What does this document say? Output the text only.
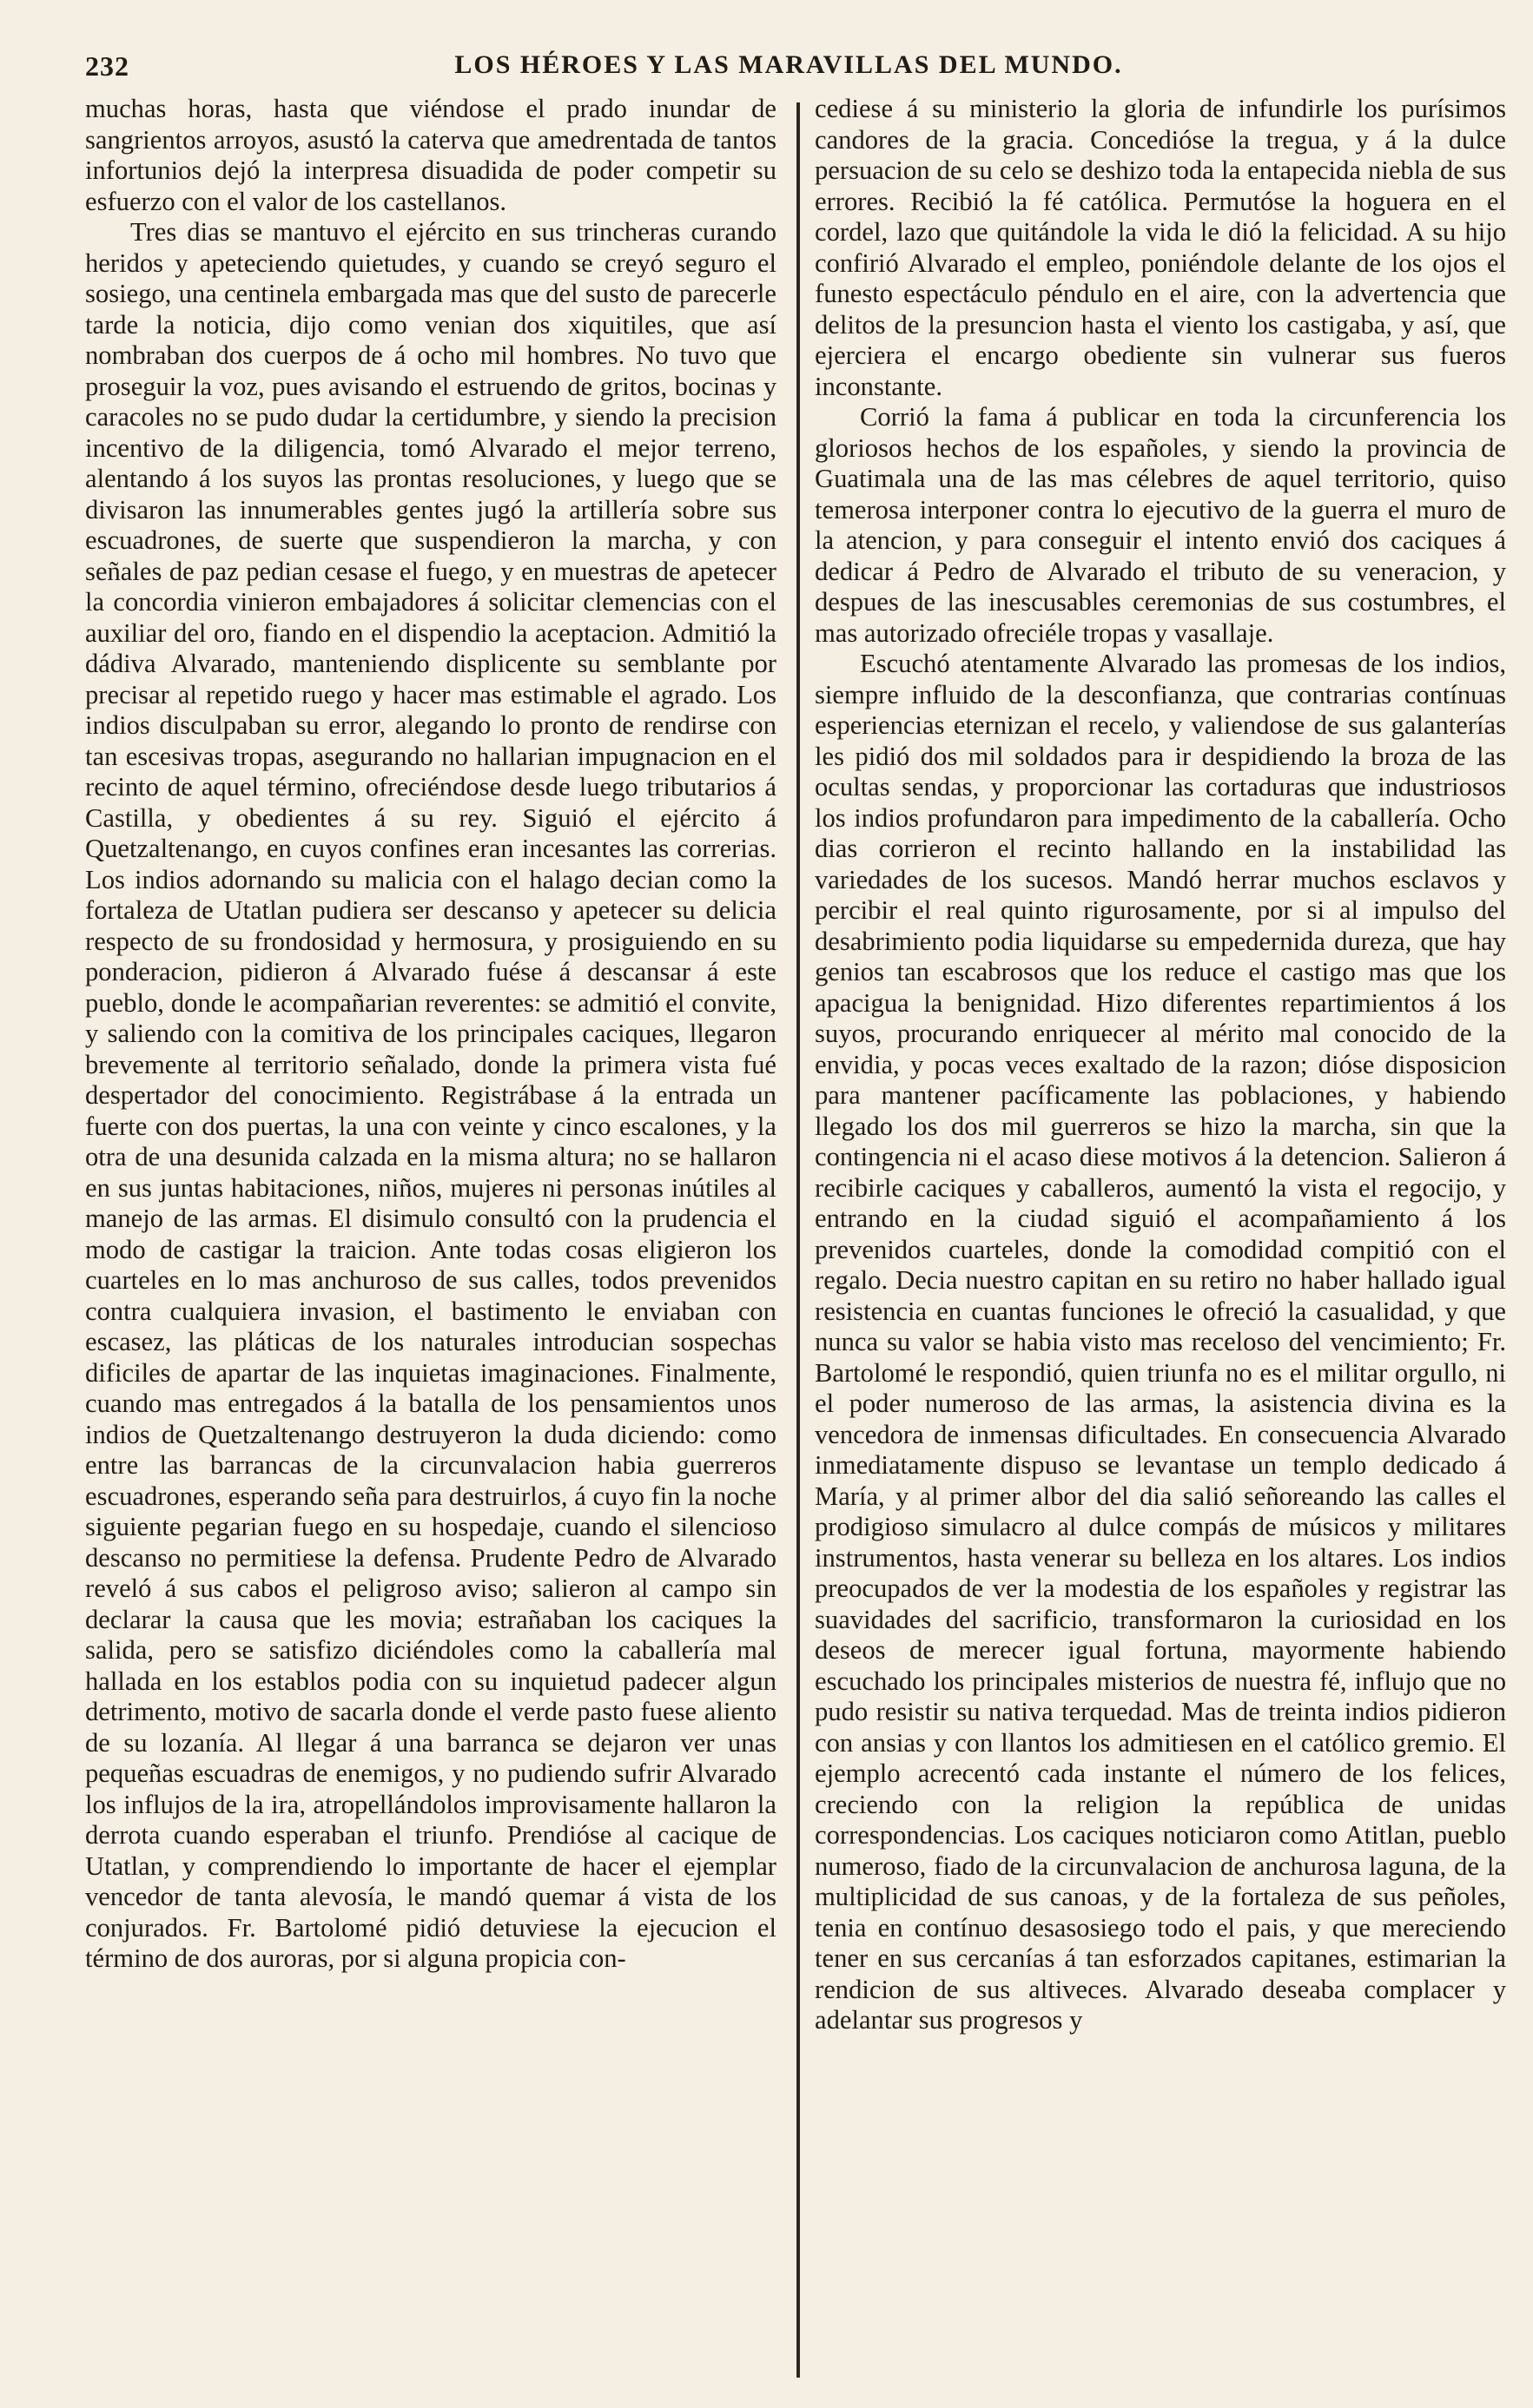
232	LOS HÉROES Y LAS MARAVILLAS DEL MUNDO.

muchas horas, hasta que viéndose el prado inundar de sangrientos arroyos, asustó la caterva que amedrentada de tantos infortunios dejó la interpresa disuadida de poder competir su esfuerzo con el valor de los castellanos.

Tres dias se mantuvo el ejército en sus trincheras curando heridos y apeteciendo quietudes, y cuando se creyó seguro el sosiego, una centinela embargada mas que del susto de parecerle tarde la noticia, dijo como venian dos xiquitiles, que así nombraban dos cuerpos de á ocho mil hombres. No tuvo que proseguir la voz, pues avisando el estruendo de gritos, bocinas y caracoles no se pudo dudar la certidumbre, y siendo la precision incentivo de la diligencia, tomó Alvarado el mejor terreno, alentando á los suyos las prontas resoluciones, y luego que se divisaron las innumerables gentes jugó la artillería sobre sus escuadrones, de suerte que suspendieron la marcha, y con señales de paz pedian cesase el fuego, y en muestras de apetecer la concordia vinieron embajadores á solicitar clemencias con el auxiliar del oro, fiando en el dispendio la aceptacion. Admitió la dádiva Alvarado, manteniendo displicente su semblante por precisar al repetido ruego y hacer mas estimable el agrado. Los indios disculpaban su error, alegando lo pronto de rendirse con tan escesivas tropas, asegurando no hallarian impugnacion en el recinto de aquel término, ofreciéndose desde luego tributarios á Castilla, y obedientes á su rey. Siguió el ejército á Quetzaltenango, en cuyos confines eran incesantes las correrias. Los indios adornando su malicia con el halago decian como la fortaleza de Utatlan pudiera ser descanso y apetecer su delicia respecto de su frondosidad y hermosura, y prosiguiendo en su ponderacion, pidieron á Alvarado fuése á descansar á este pueblo, donde le acompañarian reverentes: se admitió el convite, y saliendo con la comitiva de los principales caciques, llegaron brevemente al territorio señalado, donde la primera vista fué despertador del conocimiento. Registrábase á la entrada un fuerte con dos puertas, la una con veinte y cinco escalones, y la otra de una desunida calzada en la misma altura; no se hallaron en sus juntas habitaciones, niños, mujeres ni personas inútiles al manejo de las armas. El disimulo consultó con la prudencia el modo de castigar la traicion. Ante todas cosas eligieron los cuarteles en lo mas anchuroso de sus calles, todos prevenidos contra cualquiera invasion, el bastimento le enviaban con escasez, las pláticas de los naturales introducian sospechas dificiles de apartar de las inquietas imaginaciones. Finalmente, cuando mas entregados á la batalla de los pensamientos unos indios de Quetzaltenango destruyeron la duda diciendo: como entre las barrancas de la circunvalacion habia guerreros escuadrones, esperando seña para destruirlos, á cuyo fin la noche siguiente pegarian fuego en su hospedaje, cuando el silencioso descanso no permitiese la defensa. Prudente Pedro de Alvarado reveló á sus cabos el peligroso aviso; salieron al campo sin declarar la causa que les movia; estrañaban los caciques la salida, pero se satisfizo diciéndoles como la caballería mal hallada en los establos podia con su inquietud padecer algun detrimento, motivo de sacarla donde el verde pasto fuese aliento de su lozanía. Al llegar á una barranca se dejaron ver unas pequeñas escuadras de enemigos, y no pudiendo sufrir Alvarado los influjos de la ira, atropellándolos improvisamente hallaron la derrota cuando esperaban el triunfo. Prendióse al cacique de Utatlan, y comprendiendo lo importante de hacer el ejemplar vencedor de tanta alevosía, le mandó quemar á vista de los conjurados. Fr. Bartolomé pidió detuviese la ejecucion el término de dos auroras, por si alguna propicia con-

cediese á su ministerio la gloria de infundirle los purísimos candores de la gracia. Concedióse la tregua, y á la dulce persuacion de su celo se deshizo toda la entapecida niebla de sus errores. Recibió la fé católica. Permutóse la hoguera en el cordel, lazo que quitándole la vida le dió la felicidad. A su hijo confirió Alvarado el empleo, poniéndole delante de los ojos el funesto espectáculo péndulo en el aire, con la advertencia que delitos de la presuncion hasta el viento los castigaba, y así, que ejerciera el encargo obediente sin vulnerar sus fueros inconstante.

Corrió la fama á publicar en toda la circunferencia los gloriosos hechos de los españoles, y siendo la provincia de Guatimala una de las mas célebres de aquel territorio, quiso temerosa interponer contra lo ejecutivo de la guerra el muro de la atencion, y para conseguir el intento envió dos caciques á dedicar á Pedro de Alvarado el tributo de su veneracion, y despues de las inescusables ceremonias de sus costumbres, el mas autorizado ofreciéle tropas y vasallaje.

Escuchó atentamente Alvarado las promesas de los indios, siempre influido de la desconfianza, que contrarias contínuas esperiencias eternizan el recelo, y valiendose de sus galanterías les pidió dos mil soldados para ir despidiendo la broza de las ocultas sendas, y proporcionar las cortaduras que industriosos los indios profundaron para impedimento de la caballería. Ocho dias corrieron el recinto hallando en la instabilidad las variedades de los sucesos. Mandó herrar muchos esclavos y percibir el real quinto rigurosamente, por si al impulso del desabrimiento podia liquidarse su empedernida dureza, que hay genios tan escabrosos que los reduce el castigo mas que los apacigua la benignidad. Hizo diferentes repartimientos á los suyos, procurando enriquecer al mérito mal conocido de la envidia, y pocas veces exaltado de la razon; dióse disposicion para mantener pacíficamente las poblaciones, y habiendo llegado los dos mil guerreros se hizo la marcha, sin que la contingencia ni el acaso diese motivos á la detencion. Salieron á recibirle caciques y caballeros, aumentó la vista el regocijo, y entrando en la ciudad siguió el acompañamiento á los prevenidos cuarteles, donde la comodidad compitió con el regalo. Decia nuestro capitan en su retiro no haber hallado igual resistencia en cuantas funciones le ofreció la casualidad, y que nunca su valor se habia visto mas receloso del vencimiento; Fr. Bartolomé le respondió, quien triunfa no es el militar orgullo, ni el poder numeroso de las armas, la asistencia divina es la vencedora de inmensas dificultades. En consecuencia Alvarado inmediatamente dispuso se levantase un templo dedicado á María, y al primer albor del dia salió señoreando las calles el prodigioso simulacro al dulce compás de músicos y militares instrumentos, hasta venerar su belleza en los altares. Los indios preocupados de ver la modestia de los españoles y registrar las suavidades del sacrificio, transformaron la curiosidad en los deseos de merecer igual fortuna, mayormente habiendo escuchado los principales misterios de nuestra fé, influjo que no pudo resistir su nativa terquedad. Mas de treinta indios pidieron con ansias y con llantos los admitiesen en el católico gremio. El ejemplo acrecentó cada instante el número de los felices, creciendo con la religion la república de unidas correspondencias. Los caciques noticiaron como Atitlan, pueblo numeroso, fiado de la circunvalacion de anchurosa laguna, de la multiplicidad de sus canoas, y de la fortaleza de sus peñoles, tenia en contínuo desasosiego todo el pais, y que mereciendo tener en sus cercanías á tan esforzados capitanes, estimarian la rendicion de sus altiveces. Alvarado deseaba complacer y adelantar sus progresos y
